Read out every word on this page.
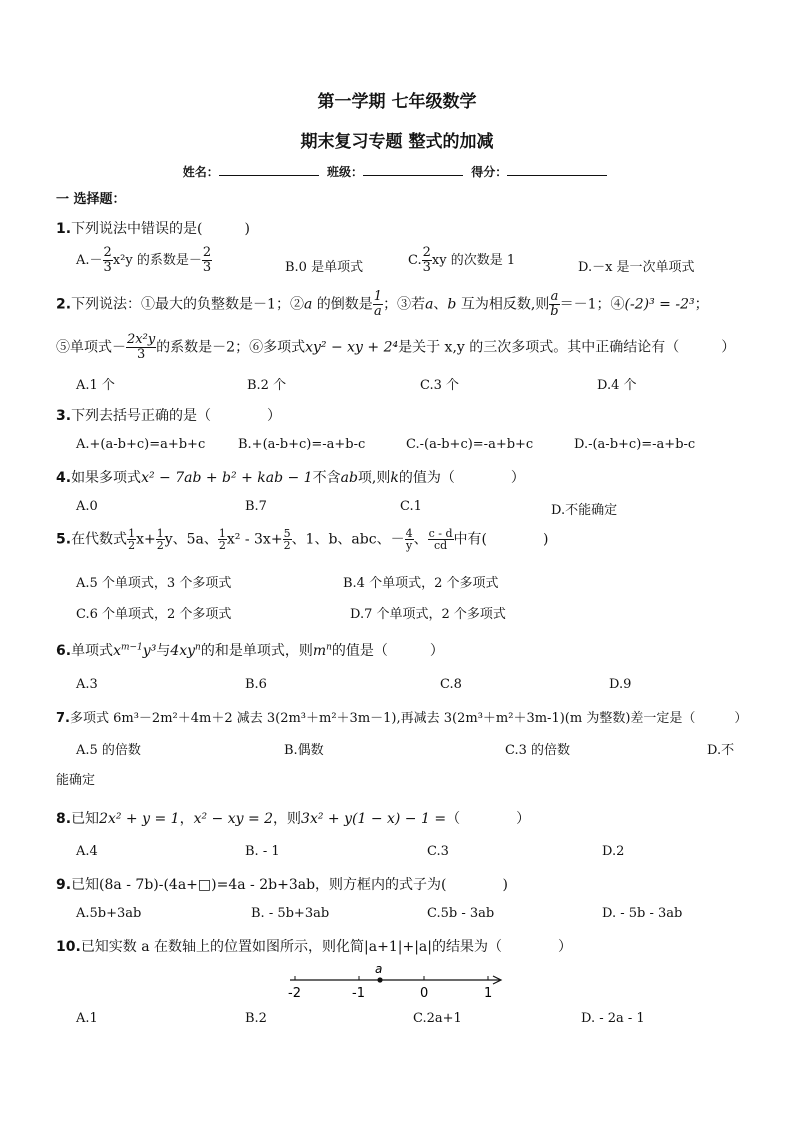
第一学期 七年级数学
期末复习专题 整式的加减
姓名：	班级：	得分：
一 选择题：
1.下列说法中错误的是(　　　)
$A.- \frac{2}{3} x^2y$ 的系数是－ $\frac{2}{3}$	B.0 是单项式	C. $\frac{2}{3}$ xy 的次数是 1	D.－x 是一次单项式
2.下列说法：①最大的负整数是－1；②a 的倒数是 $\frac{1}{a}$ ；③若a、b 互为相反数,则 $\frac{a}{b} =-1$；④(-2)³ = -2³；
⑤单项式－ $\frac{\text{2x²y}}{3}$ 的系数是－2；⑥多项式xy² − xy + 2⁴是关于 x,y 的三次多项式。其中正确结论有（　　　）
A.1 个	B.2 个	C.3 个	D.4 个
3.下列去括号正确的是（　　　　）
A.+(a-b+c)=a+b+c	B.+(a-b+c)=-a+b-c	C.-(a-b+c)=-a+b+c	D.-(a-b+c)=-a+b-c
4.如果多项式x² − 7ab + b² + kab − 1不含ab项,则k的值为（　　　　）
A.0	B.7	C.1	D.不能确定
5.在代数式 $\frac{1}{2} x+ \frac{1}{2}$ y、5a、 $\frac{1}{2} x^2 - 3x+ \frac{5}{2}$ 、1、b、abc、－ $\frac{4}{y}$ 、 $\frac{c - d}{cd}$ 中有(　　　　)
A.5 个单项式，3 个多项式	B.4 个单项式，2 个多项式
C.6 个单项式，2 个多项式	D.7 个单项式，2 个多项式
6.单项式$x^{m-1}y^3$与$4xy^n$的和是单项式，则$m^n$的值是（　　　）
A.3	B.6	C.8	D.9
7.多项式 6m³－2m²＋4m＋2 减去 3(2m³＋m²＋3m－1),再减去 3(2m³＋m²＋3m-1)(m 为整数)差一定是（　　　）
A.5 的倍数	B.偶数	C.3 的倍数	D.不
能确定
8.已知2x² + y = 1，x² − xy = 2，则3x² + y(1 − x) − 1 =（　　　　）
A.4	B. - 1	C.3	D.2
9.已知(8a - 7b)-(4a+□)=4a - 2b+3ab，则方框内的式子为(　　　　)
A.5b+3ab	B. - 5b+3ab	C.5b - 3ab	D. - 5b - 3ab
10.已知实数 a 在数轴上的位置如图所示，则化简|a+1|+|a|的结果为（　　　　）
a
-2	-1	0	1
A.1	B.2	C.2a+1	D. - 2a - 1
